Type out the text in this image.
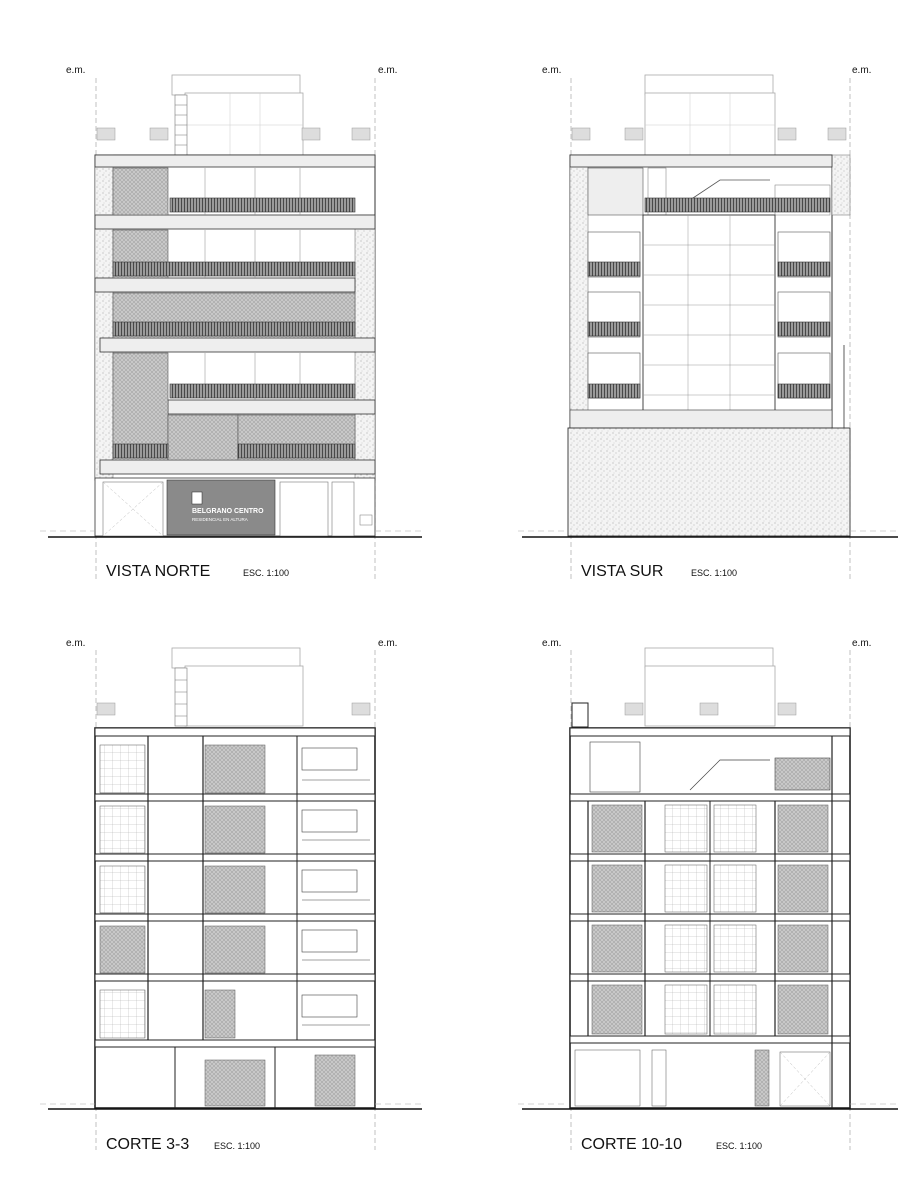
e.m.	e.m.
BELGRANO CENTRO
RESIDENCIAL EN ALTURA
VISTA NORTE	ESC. 1:100
e.m.	e.m.
VISTA SUR	ESC. 1:100
e.m.	e.m.
CORTE 3-3	ESC. 1:100
e.m.	e.m.
CORTE 10-10	ESC. 1:100
